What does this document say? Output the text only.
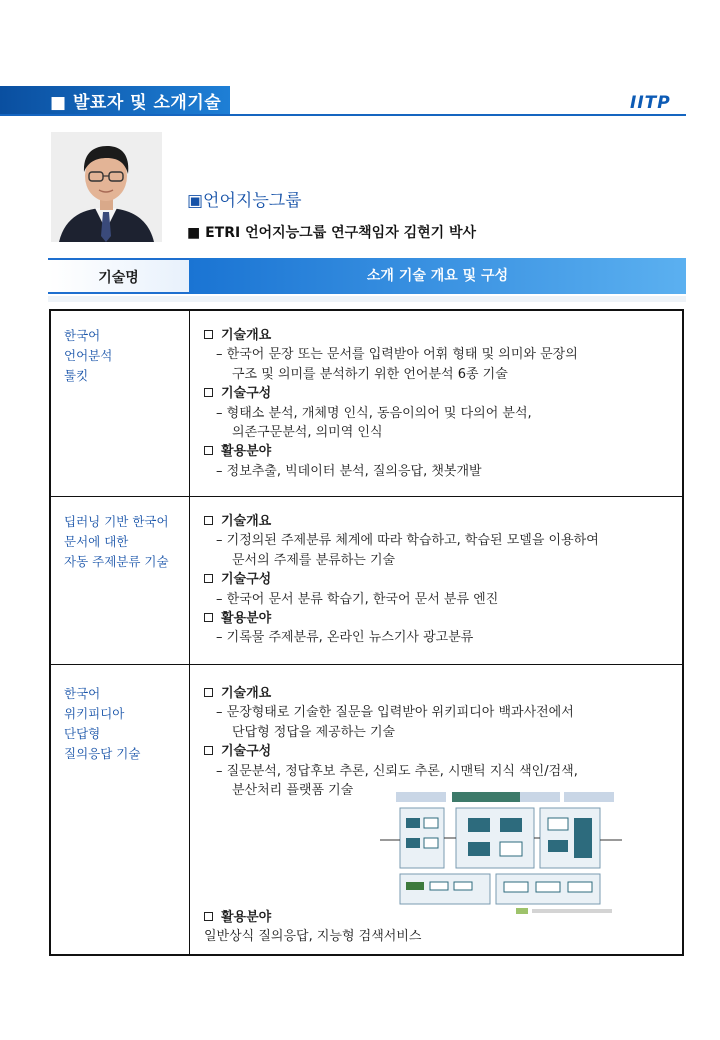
■ 발표자 및 소개기술	IITP
▣언어지능그룹
■ ETRI 언어지능그룹 연구책임자 김현기 박사
기술명	소개 기술 개요 및 구성
한국어
언어분석
툴킷
기술개요
– 한국어 문장 또는 문서를 입력받아 어휘 형태 및 의미와 문장의
구조 및 의미를 분석하기 위한 언어분석 6종 기술
기술구성
– 형태소 분석, 개체명 인식, 동음이의어 및 다의어 분석,
의존구문분석, 의미역 인식
활용분야
– 정보추출, 빅데이터 분석, 질의응답, 챗봇개발
딥러닝 기반 한국어
문서에 대한
자동 주제분류 기술
기술개요
– 기정의된 주제분류 체계에 따라 학습하고, 학습된 모델을 이용하여
문서의 주제를 분류하는 기술
기술구성
– 한국어 문서 분류 학습기, 한국어 문서 분류 엔진
활용분야
– 기록물 주제분류, 온라인 뉴스기사 광고분류
한국어
위키피디아
단답형
질의응답 기술
기술개요
– 문장형태로 기술한 질문을 입력받아 위키피디아 백과사전에서
단답형 정답을 제공하는 기술
기술구성
– 질문분석, 정답후보 추론, 신뢰도 추론, 시맨틱 지식 색인/검색,
분산처리 플랫폼 기술
활용분야
일반상식 질의응답, 지능형 검색서비스
